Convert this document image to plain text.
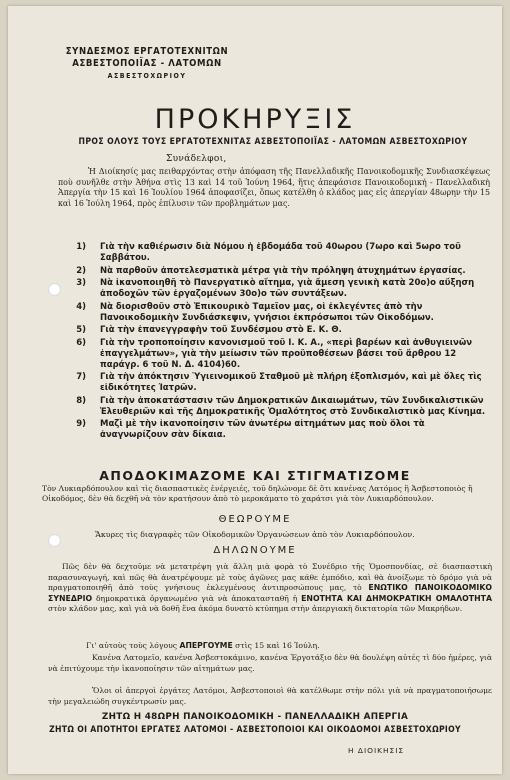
ΣΥΝΔΕΣΜΟΣ ΕΡΓΑΤΟΤΕΧΝΙΤΩΝ
ΑΣΒΕΣΤΟΠΟΙΪΑΣ - ΛΑΤΟΜΩΝ
ΑΣΒΕΣΤΟΧΩΡΙΟΥ
ΠΡΟΚΗΡΥΞΙΣ
ΠΡΟΣ ΟΛΟΥΣ ΤΟΥΣ ΕΡΓΑΤΟΤΕΧΝΙΤΑΣ ΑΣΒΕΣΤΟΠΟΙΪΑΣ - ΛΑΤΟΜΩΝ ΑΣΒΕΣΤΟΧΩΡΙΟΥ
Συνάδελφοι,
Ἡ Διοίκησίς μας πειθαρχόντας στὴν ἀπόφαση τῆς Πανελλαδικῆς Πανοικοδομικῆς Συνδιασκέψεως ποὺ συνῆλθε στὴν Ἀθήνα στὶς 13 καὶ 14 τοῦ Ἰούνη 1964, ἥτις ἀπεφάσισε Πανοικοδομική - Πανελλαδικὴ Ἀπεργία τὴν 15 καὶ 16 Ἰουλίου 1964 ἀποφασίζει, ὅπως κατέλθη ὁ κλάδος μας εἰς ἀπεργίαν 48ωρην τὴν 15 καὶ 16 Ἰούλη 1964, πρὸς ἐπίλυσιν τῶν προβλημάτων μας.
1) Γιὰ τὴν καθιέρωσιν διὰ Νόμου ἡ ἑβδομάδα τοῦ 40ωρου (7ωρο καὶ 5ωρο τοῦ Σαββάτου.
2) Νὰ παρθοῦν ἀποτελεσματικὰ μέτρα γιὰ τὴν πρόληψη ἀτυχημάτων ἐργασίας.
3) Νὰ ἱκανοποιηθῆ τὸ Πανεργατικὸ αἴτημα, γιὰ ἄμεση γενικὴ κατὰ 20ο)ο αὔξηση ἀποδοχῶν τῶν ἐργαζομένων 30ο)ο τῶν συντάξεων.
4) Νὰ διορισθοῦν στὸ Ἐπικουρικὸ Ταμεῖον μας, οἱ ἐκλεγέντες ἀπὸ τὴν Πανοικοδομικὴν Συνδιάσκεψιν, γνήσιοι ἐκπρόσωποι τῶν Οἰκοδόμων.
5) Γιὰ τὴν ἐπανεγγραφὴν τοῦ Συνδέσμου στὸ Ε. Κ. Θ.
6) Γιὰ τὴν τροποποίησιν κανονισμοῦ τοῦ Ι. Κ. Α., «περὶ βαρέων καὶ ἀνθυγιεινῶν ἐπαγγελμάτων», γιὰ τὴν μείωσιν τῶν προϋποθέσεων βάσει τοῦ ἄρθρου 12 παράγρ. 6 τοῦ Ν. Δ. 4104)60.
7) Γιὰ τὴν ἀπόκτησιν Ὑγιεινομικοῦ Σταθμοῦ μὲ πλήρη ἐξοπλισμόν, καὶ μὲ ὅλες τὶς εἰδικότητες Ἰατρῶν.
8) Γιὰ τὴν ἀποκατάστασιν τῶν Δημοκρατικῶν Δικαιωμάτων, τῶν Συνδικαλιστικῶν Ἐλευθεριῶν καὶ τῆς Δημοκρατικῆς Ὁμαλότητος στὸ Συνδικαλιστικὸ μας Κίνημα.
9) Μαζὶ μὲ τὴν ἱκανοποίησιν τῶν ἀνωτέρω αἰτημάτων μας ποὺ ὅλοι τὰ ἀναγνωρίζουν σὰν δίκαια.
ΑΠΟΔΟΚΙΜΑΖΟΜΕ ΚΑΙ ΣΤΙΓΜΑΤΙΖΟΜΕ
Τὸν Λυκιαρδόπουλον καὶ τὶς διασπαστικὲς ἐνέργειές, τοῦ δηλώνομε δὲ ὅτι κανένας Λατόμος ἢ Ἀσβεστοποιὸς ἢ Οἰκοδόμος, δὲν θὰ δεχθῆ νὰ τὸν κρατήσουν ἀπὸ τὸ μεροκάματο τὸ χαράτσι γιὰ τὸν Λυκιαρδόπουλον.
ΘΕΩΡΟΥΜΕ
Ἄκυρες τὶς διαγραφὲς τῶν Οἰκοδομικῶν Ὀργανώσεων ἀπὸ τὸν Λυκιαρδόπουλον.
ΔΗΛΩΝΟΥΜΕ
Πῶς δὲν θὰ δεχτοῦμε νὰ μετατρέψη γιὰ ἄλλη μιὰ φορὰ τὸ Συνέδριο τῆς Ὁμοσπονδίας, σὲ διασπαστικὴ παρασυναγωγή, καὶ πῶς θὰ ἀνατρέψουμε μὲ τοὺς ἀγῶνες μας κάθε ἐμπόδιο, καὶ θὰ ἀνοίξωμε τὸ δρόμο γιὰ νὰ πραγματοποιηθῆ ἀπὸ τοὺς γνήσιους ἐκλεγμένους ἀντιπροσώπους μας, τὸ ΕΝΩΤΙΚΟ ΠΑΝΟΙΚΟΔΟΜΙΚΟ ΣΥΝΕΔΡΙΟ δημοκρατικὰ ὀργανωμένο γιὰ νὰ ἀποκατασταθῆ ἡ ΕΝΟΤΗΤΑ ΚΑΙ ΔΗΜΟΚΡΑΤΙΚΗ ΟΜΑΛΟΤΗΤΑ στὸν κλάδον μας, καὶ γιὰ νὰ δοθῆ ἕνα ἀκόμα δυνατὸ κτύπημα στὴν ἀπεργιακὴ δικτατορία τῶν Μακρήδων.
Γι' αὐτοὺς τοὺς λόγους ΑΠΕΡΓΟΥΜΕ στὶς 15 καὶ 16 Ἰούλη.
Κανένα Λατομεῖο, κανένα Ἀσβεστοκάμινο, κανένα Ἐργοτάξιο δὲν θὰ δουλέψη αὐτές τὶ δύο ἡμέρες, γιὰ νὰ ἐπιτύχουμε τὴν ἱκανοποίησιν τῶν αἰτημάτων μας.
Ὅλοι οἱ ἀπεργοὶ ἐργάτες Λατόμοι, Ἀσβεστοποιοὶ θὰ κατέλθωμε στὴν πόλι γιὰ νὰ πραγματοποιήσωμε τὴν μεγαλειώδη συγκέντρωσίν μας.
ΖΗΤΩ Η 48ΩΡΗ ΠΑΝΟΙΚΟΔΟΜΙΚΗ - ΠΑΝΕΛΛΑΔΙΚΗ ΑΠΕΡΓΙΑ
ΖΗΤΩ ΟΙ ΑΠΟΤΗΤΟΙ ΕΡΓΑΤΕΣ ΛΑΤΟΜΟΙ - ΑΣΒΕΣΤΟΠΟΙΟΙ ΚΑΙ ΟΙΚΟΔΟΜΟΙ ΑΣΒΕΣΤΟΧΩΡΙΟΥ
Η ΔΙΟΙΚΗΣΙΣ
